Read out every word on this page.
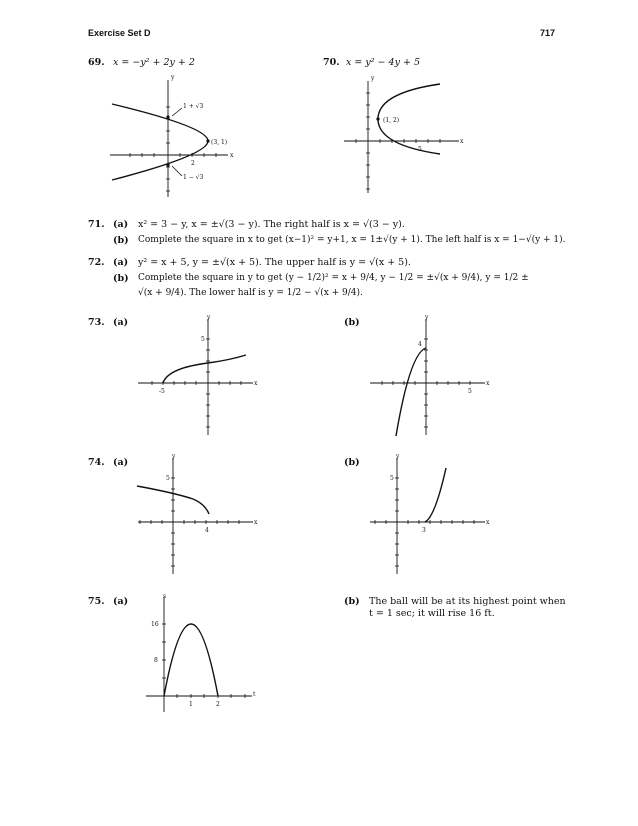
Exercise Set D	717
69. x = −y² + 2y + 2
y
x
1 + √3
(3, 1)
1 − √3
2
70. x = y² − 4y + 5
y
x
(1, 2)
5
71. (a) x² = 3 − y, x = ±√(3 − y). The right half is x = √(3 − y).
(b) Complete the square in x to get (x−1)² = y+1, x = 1±√(y + 1). The left half is x = 1−√(y + 1).
72. (a) y² = x + 5, y = ±√(x + 5). The upper half is y = √(x + 5).
(b) Complete the square in y to get (y − 1/2)² = x + 9/4, y − 1/2 = ±√(x + 9/4), y = 1/2 ±
√(x + 9/4). The lower half is y = 1/2 − √(x + 9/4).
73. (a)	y
x
5
-5
(b)	y
x
4
5
74. (a)
y
x
5
4
(b)
y
x
5
3
75. (a)	s
t
16
8
1	2
(b) The ball will be at its highest point when
t = 1 sec; it will rise 16 ft.
